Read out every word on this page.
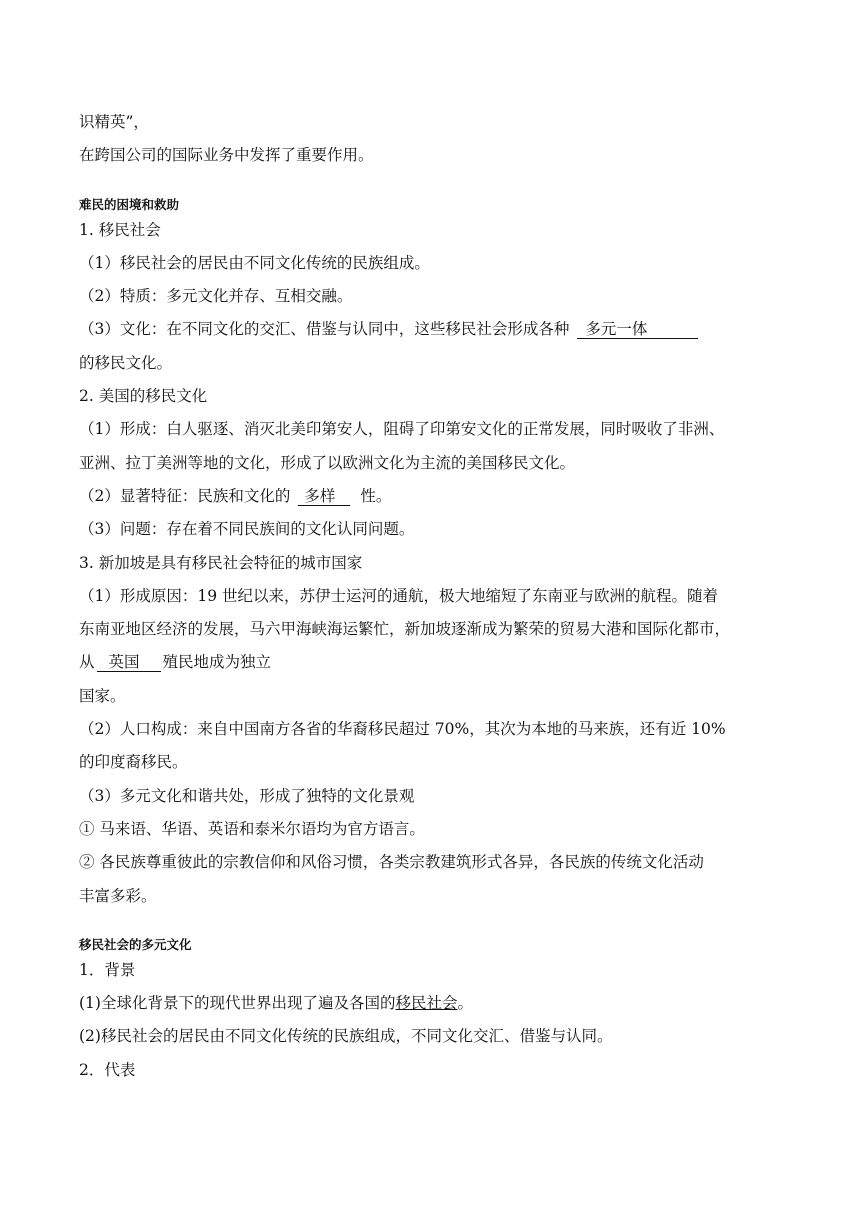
识精英”，
在跨国公司的国际业务中发挥了重要作用。
难民的困境和救助
1. 移民社会
（1）移民社会的居民由不同文化传统的民族组成。
（2）特质：多元文化并存、互相交融。
（3）文化：在不同文化的交汇、借鉴与认同中，这些移民社会形成各种 多元一体
的移民文化。
2. 美国的移民文化
（1）形成：白人驱逐、消灭北美印第安人，阻碍了印第安文化的正常发展，同时吸收了非洲、
亚洲、拉丁美洲等地的文化，形成了以欧洲文化为主流的美国移民文化。
（2）显著特征：民族和文化的 多样 性。
（3）问题：存在着不同民族间的文化认同问题。
3. 新加坡是具有移民社会特征的城市国家
（1）形成原因：19 世纪以来，苏伊士运河的通航，极大地缩短了东南亚与欧洲的航程。随着
东南亚地区经济的发展，马六甲海峡海运繁忙，新加坡逐渐成为繁荣的贸易大港和国际化都市，
从 英国 殖民地成为独立
国家。
（2）人口构成：来自中国南方各省的华裔移民超过 70%，其次为本地的马来族，还有近 10%
的印度裔移民。
（3）多元文化和谐共处，形成了独特的文化景观
① 马来语、华语、英语和泰米尔语均为官方语言。
② 各民族尊重彼此的宗教信仰和风俗习惯，各类宗教建筑形式各异，各民族的传统文化活动
丰富多彩。
移民社会的多元文化
1．背景
(1)全球化背景下的现代世界出现了遍及各国的移民社会。
(2)移民社会的居民由不同文化传统的民族组成，不同文化交汇、借鉴与认同。
2．代表
